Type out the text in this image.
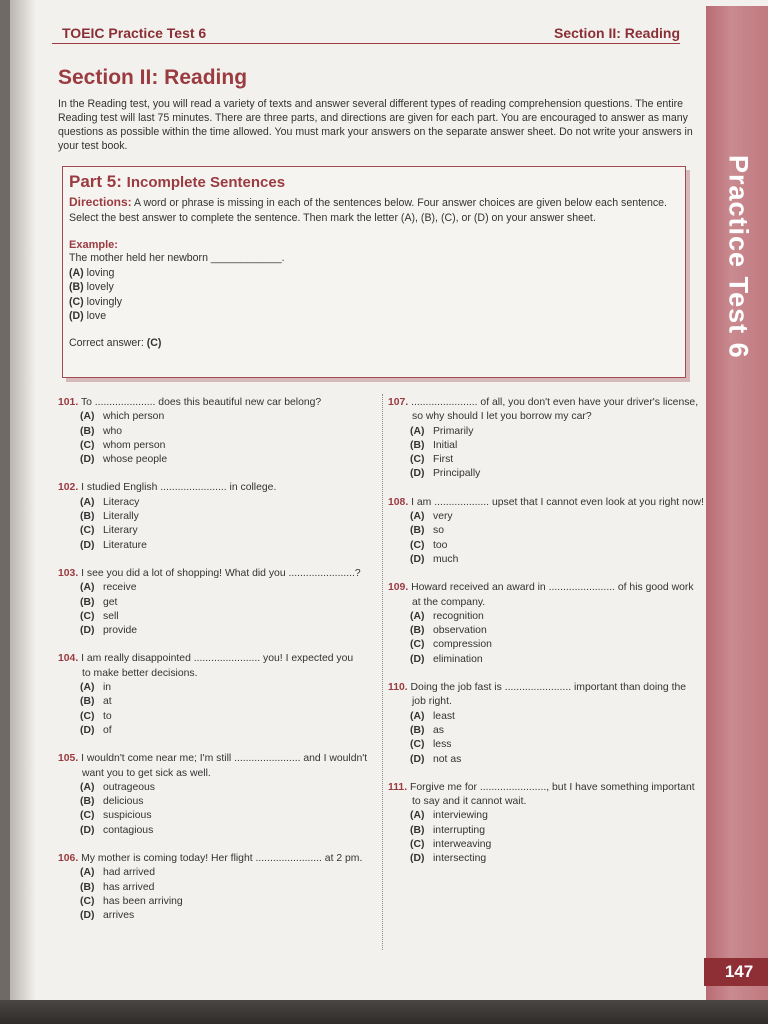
TOEIC Practice Test 6	Section II: Reading
Section II: Reading
In the Reading test, you will read a variety of texts and answer several different types of reading comprehension questions. The entire Reading test will last 75 minutes. There are three parts, and directions are given for each part. You are encouraged to answer as many questions as possible within the time allowed. You must mark your answers on the separate answer sheet. Do not write your answers in your test book.
Part 5: Incomplete Sentences
Directions: A word or phrase is missing in each of the sentences below. Four answer choices are given below each sentence. Select the best answer to complete the sentence. Then mark the letter (A), (B), (C), or (D) on your answer sheet.
Example:
The mother held her newborn ____________.
(A) loving
(B) lovely
(C) lovingly
(D) love
Correct answer: (C)
101. To ..................... does this beautiful new car belong?
(A) which person
(B) who
(C) whom person
(D) whose people
102. I studied English ....................... in college.
(A) Literacy
(B) Literally
(C) Literary
(D) Literature
103. I see you did a lot of shopping! What did you .......................?
(A) receive
(B) get
(C) sell
(D) provide
104. I am really disappointed ....................... you! I expected you
to make better decisions.
(A) in
(B) at
(C) to
(D) of
105. I wouldn't come near me; I'm still ....................... and I wouldn't
want you to get sick as well.
(A) outrageous
(B) delicious
(C) suspicious
(D) contagious
106. My mother is coming today! Her flight ....................... at 2 pm.
(A) had arrived
(B) has arrived
(C) has been arriving
(D) arrives
107. ....................... of all, you don't even have your driver's license,
so why should I let you borrow my car?
(A) Primarily
(B) Initial
(C) First
(D) Principally
108. I am ................... upset that I cannot even look at you right now!
(A) very
(B) so
(C) too
(D) much
109. Howard received an award in ....................... of his good work
at the company.
(A) recognition
(B) observation
(C) compression
(D) elimination
110. Doing the job fast is ....................... important than doing the
job right.
(A) least
(B) as
(C) less
(D) not as
111. Forgive me for ......................., but I have something important
to say and it cannot wait.
(A) interviewing
(B) interrupting
(C) interweaving
(D) intersecting
Practice Test 6
147
